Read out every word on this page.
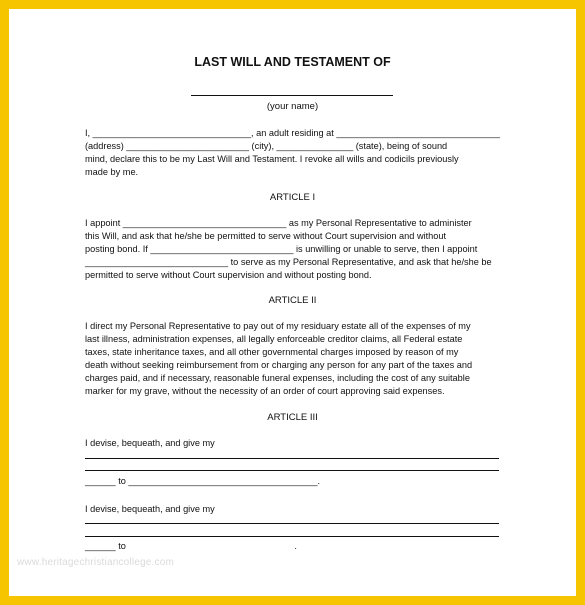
LAST WILL AND TESTAMENT OF
(your name)
I, _______________________________, an adult residing at ________________________________
(address) ________________________ (city), _______________ (state), being of sound
mind, declare this to be my Last Will and Testament. I revoke all wills and codicils previously
made by me.
ARTICLE I
I appoint ________________________________ as my Personal Representative to administer
this Will, and ask that he/she be permitted to serve without Court supervision and without
posting bond. If ____________________________ is unwilling or unable to serve, then I appoint
____________________________ to serve as my Personal Representative, and ask that he/she be
permitted to serve without Court supervision and without posting bond.
ARTICLE II
I direct my Personal Representative to pay out of my residuary estate all of the expenses of my
last illness, administration expenses, all legally enforceable creditor claims, all Federal estate
taxes, state inheritance taxes, and all other governmental charges imposed by reason of my
death without seeking reimbursement from or charging any person for any part of the taxes and
charges paid, and if necessary, reasonable funeral expenses, including the cost of any suitable
marker for my grave, without the necessity of an order of court approving said expenses.
ARTICLE III
I devise, bequeath, and give my
______ to _____________________________________.
I devise, bequeath, and give my
______ to                                                                  .
www.heritagechristiancollege.com
